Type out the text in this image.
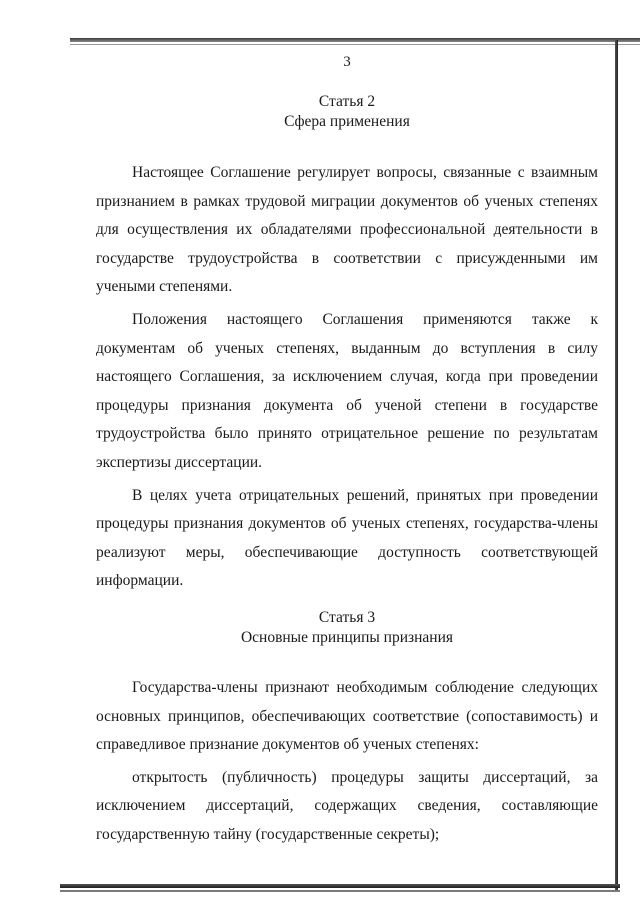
3

Статья 2
Сфера применения

Настоящее Соглашение регулирует вопросы, связанные с взаимным признанием в рамках трудовой миграции документов об ученых степенях для осуществления их обладателями профессиональной деятельности в государстве трудоустройства в соответствии с присужденными им учеными степенями.

Положения настоящего Соглашения применяются также к документам об ученых степенях, выданным до вступления в силу настоящего Соглашения, за исключением случая, когда при проведении процедуры признания документа об ученой степени в государстве трудоустройства было принято отрицательное решение по результатам экспертизы диссертации.

В целях учета отрицательных решений, принятых при проведении процедуры признания документов об ученых степенях, государства-члены реализуют меры, обеспечивающие доступность соответствующей информации.

Статья 3
Основные принципы признания

Государства-члены признают необходимым соблюдение следующих основных принципов, обеспечивающих соответствие (сопоставимость) и справедливое признание документов об ученых степенях:

открытость (публичность) процедуры защиты диссертаций, за исключением диссертаций, содержащих сведения, составляющие государственную тайну (государственные секреты);
